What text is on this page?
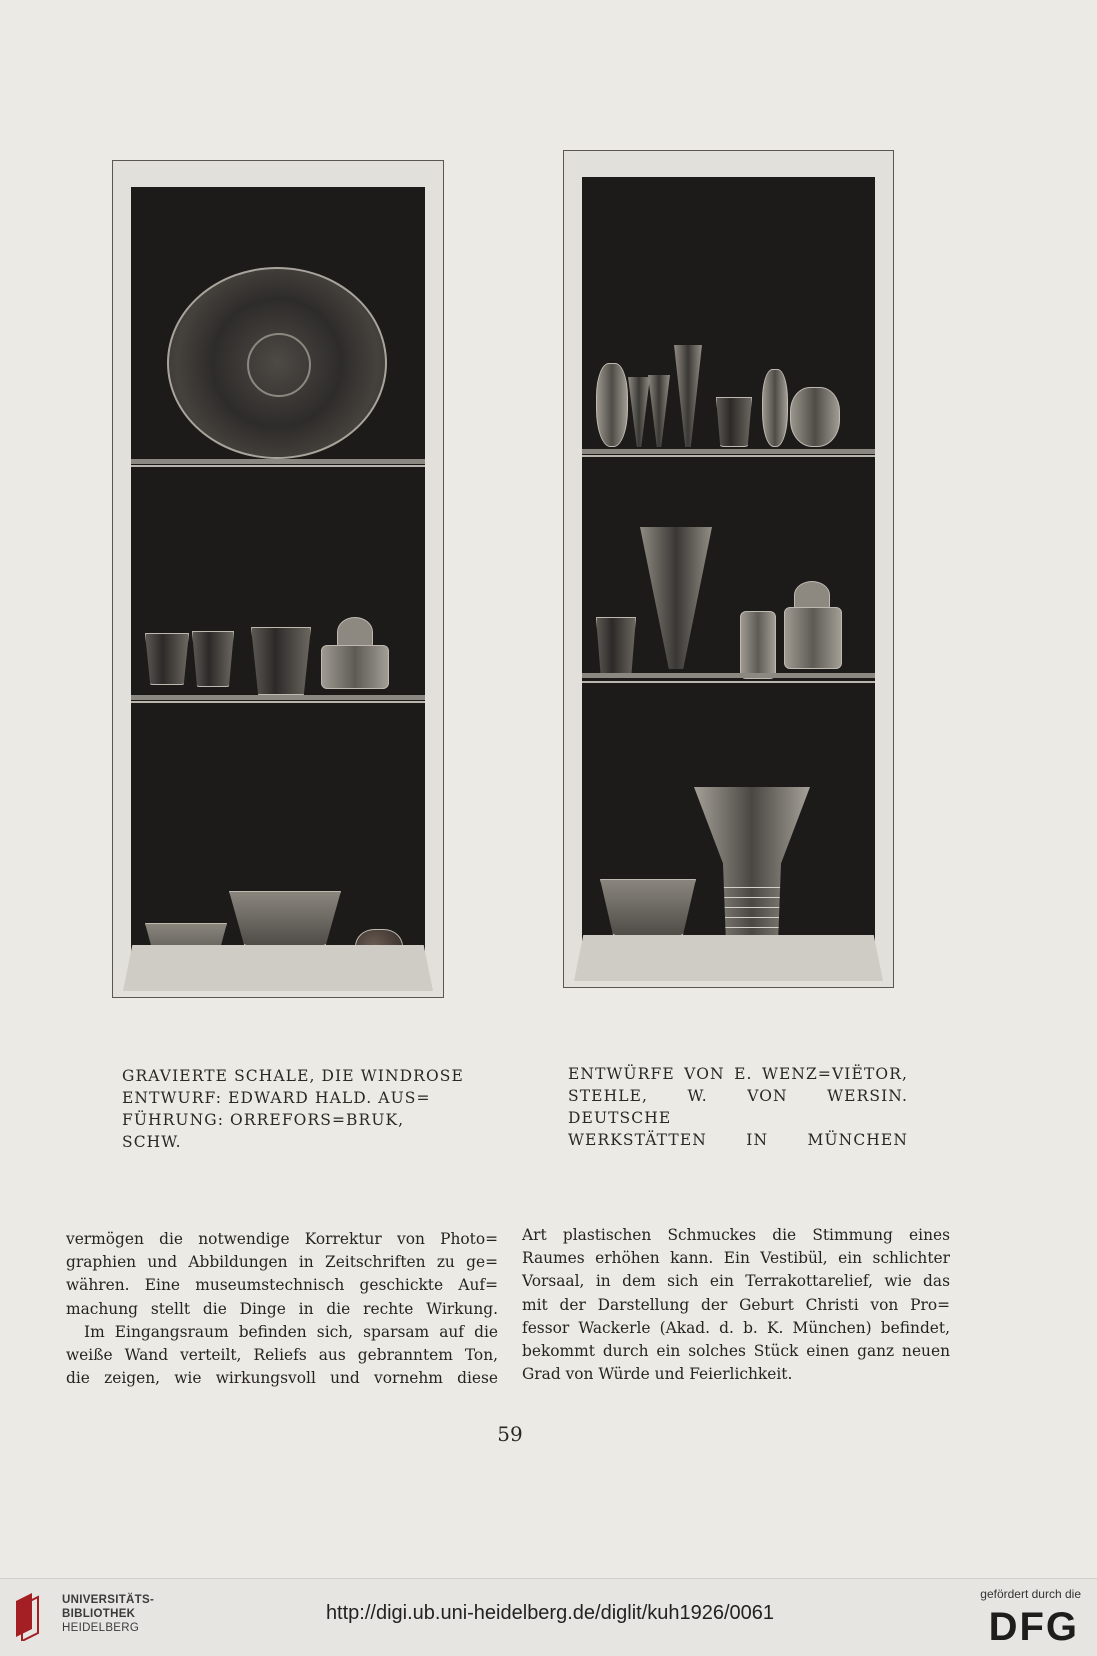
GRAVIERTE SCHALE, DIE WINDROSE
ENTWURF: EDWARD HALD. AUS=
FÜHRUNG: ORREFORS=BRUK, SCHW.

ENTWÜRFE VON E. WENZ=VIËTOR,
STEHLE, W. VON WERSIN. DEUTSCHE
WERKSTÄTTEN IN MÜNCHEN

vermögen die notwendige Korrektur von Photo=
graphien und Abbildungen in Zeitschriften zu ge=
währen. Eine museumstechnisch geschickte Auf=
machung stellt die Dinge in die rechte Wirkung.
Im Eingangsraum befinden sich, sparsam auf die
weiße Wand verteilt, Reliefs aus gebranntem Ton,
die zeigen, wie wirkungsvoll und vornehm diese

Art plastischen Schmuckes die Stimmung eines
Raumes erhöhen kann. Ein Vestibül, ein schlichter
Vorsaal, in dem sich ein Terrakottarelief, wie das
mit der Darstellung der Geburt Christi von Pro=
fessor Wackerle (Akad. d. b. K. München) befindet,
bekommt durch ein solches Stück einen ganz neuen
Grad von Würde und Feierlichkeit.

59
UNIVERSITÄTS-
BIBLIOTHEK
HEIDELBERG
http://digi.ub.uni-heidelberg.de/diglit/kuh1926/0061
gefördert durch die
DFG
